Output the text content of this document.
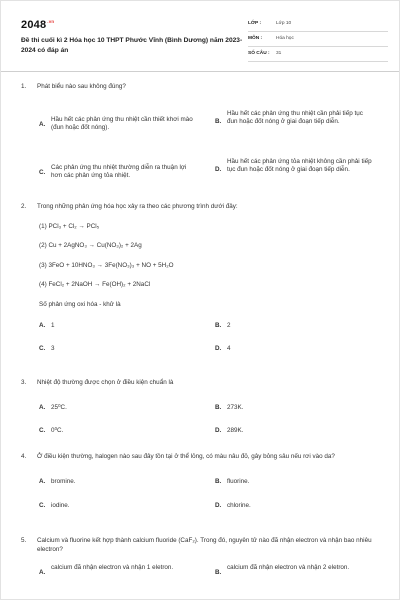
$2048^{.vn}$
Đề thi cuối kì 2 Hóa học 10 THPT Phước Vĩnh (Bình Dương) năm 2023-2024 có đáp án
LỚP :	Lớp 10
MÔN :	Hóa học
SỐ CÂU :	31
1.	Phát biểu nào sau không đúng?
A.
Hầu hết các phản ứng thu nhiệt cần thiết khơi mào (đun hoặc đốt nóng).
B.
Hầu hết các phản ứng thu nhiệt cần phải tiếp tục đun hoặc đốt nóng ở giai đoạn tiếp diễn.
C.
Các phản ứng thu nhiệt thường diễn ra thuận lợi hơn các phản ứng tỏa nhiệt.
D.
Hầu hết các phản ứng tỏa nhiệt không cần phải tiếp tục đun hoặc đốt nóng ở giai đoạn tiếp diễn.
2.	Trong những phản ứng hóa học xảy ra theo các phương trình dưới đây:
(1) PCl₃ + Cl₂ → PCl₅
(2) Cu + 2AgNO₃ → Cu(NO₃)₂ + 2Ag
(3) 3FeO + 10HNO₃ → 3Fe(NO₃)₃ + NO + 5H₂O
(4) FeCl₂ + 2NaOH → Fe(OH)₂ + 2NaCl
Số phản ứng oxi hóa - khử là
A. 1	B. 2
C. 3	D. 4
3.	Nhiệt độ thường được chọn ở điều kiện chuẩn là
A. 25⁰C.	B. 273K.
C. 0⁰C.	D. 289K.
4.	Ở điều kiện thường, halogen nào sau đây tồn tại ở thể lỏng, có màu nâu đỏ, gây bỏng sâu nếu rơi vào da?
A. bromine.	B. fluorine.
C. iodine.	D. chlorine.
5.	Calcium và fluorine kết hợp thành calcium fluoride (CaF₂). Trong đó, nguyên tử nào đã nhận electron và nhận bao nhiêu electron?
A.
calcium đã nhận electron và nhận 1 eletron.
B.
calcium đã nhận electron và nhận 2 eletron.
